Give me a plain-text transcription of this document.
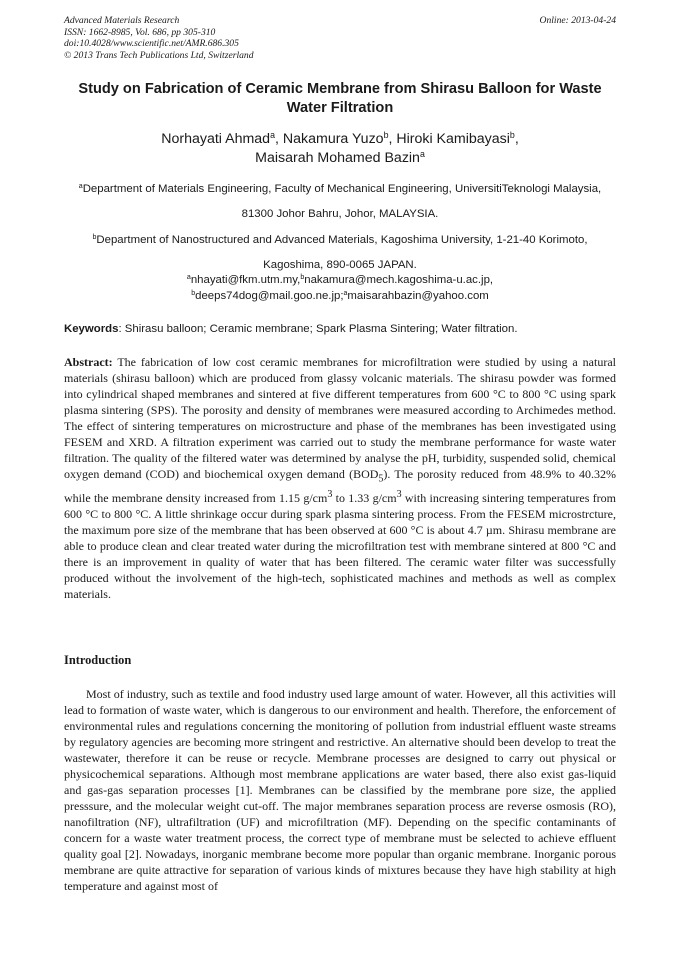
Advanced Materials Research
ISSN: 1662-8985, Vol. 686, pp 305-310
doi:10.4028/www.scientific.net/AMR.686.305
© 2013 Trans Tech Publications Ltd, Switzerland
Online: 2013-04-24
Study on Fabrication of Ceramic Membrane from Shirasu Balloon for Waste Water Filtration
Norhayati Ahmad$^a$, Nakamura Yuzo$^b$, Hiroki Kamibayasi$^b$,
Maisarah Mohamed Bazin$^a$
$^a$Department of Materials Engineering, Faculty of Mechanical Engineering, UniversitiTeknologi Malaysia, 81300 Johor Bahru, Johor, MALAYSIA.
$^b$Department of Nanostructured and Advanced Materials, Kagoshima University, 1-21-40 Korimoto, Kagoshima, 890-0065 JAPAN.
$^a$nhayati@fkm.utm.my,$^b$nakamura@mech.kagoshima-u.ac.jp,
$^b$deeps74dog@mail.goo.ne.jp;$^a$maisarahbazin@yahoo.com
Keywords: Shirasu balloon; Ceramic membrane; Spark Plasma Sintering; Water filtration.

Abstract: The fabrication of low cost ceramic membranes for microfiltration were studied by using a natural materials (shirasu balloon) which are produced from glassy volcanic materials. The shirasu powder was formed into cylindrical shaped membranes and sintered at five different temperatures from 600 °C to 800 °C using spark plasma sintering (SPS). The porosity and density of membranes were measured according to Archimedes method. The effect of sintering temperatures on microstructure and phase of the membranes has been investigated using FESEM and XRD. A filtration experiment was carried out to study the membrane performance for waste water filtration. The quality of the filtered water was determined by analyse the pH, turbidity, suspended solid, chemical oxygen demand (COD) and biochemical oxygen demand $(BOD_5)$. The porosity reduced from 48.9% to 40.32% while the membrane density increased from 1.15 $g/cm^3$ to 1.33 $g/cm^3$ with increasing sintering temperatures from 600 °C to 800 °C. A little shrinkage occur during spark plasma sintering process. From the FESEM microstrcture, the maximum pore size of the membrane that has been observed at 600 °C is about 4.7 µm. Shirasu membrane are able to produce clean and clear treated water during the microfiltration test with membrane sintered at 800 °C and there is an improvement in quality of water that has been filtered. The ceramic water filter was successfully produced without the involvement of the high-tech, sophisticated machines and methods as well as complex materials.

Introduction

Most of industry, such as textile and food industry used large amount of water. However, all this activities will lead to formation of waste water, which is dangerous to our environment and health. Therefore, the enforcement of environmental rules and regulations concerning the monitoring of pollution from industrial effluent waste streams by regulatory agencies are becoming more stringent and restrictive. An alternative should been develop to treat the wastewater, therefore it can be reuse or recycle. Membrane processes are designed to carry out physical or physicochemical separations. Although most membrane applications are water based, there also exist gas-liquid and gas-gas separation processes [1]. Membranes can be classified by the membrane pore size, the applied presssure, and the molecular weight cut-off. The major membranes separation process are reverse osmosis (RO), nanofiltration (NF), ultrafiltration (UF) and microfiltration (MF). Depending on the specific contaminants of concern for a waste water treatment process, the correct type of membrane must be selected to achieve effluent quality goal [2]. Nowadays, inorganic membrane become more popular than organic membrane. Inorganic porous membrane are quite attractive for separation of various kinds of mixtures because they have high stability at high temperature and against most of
